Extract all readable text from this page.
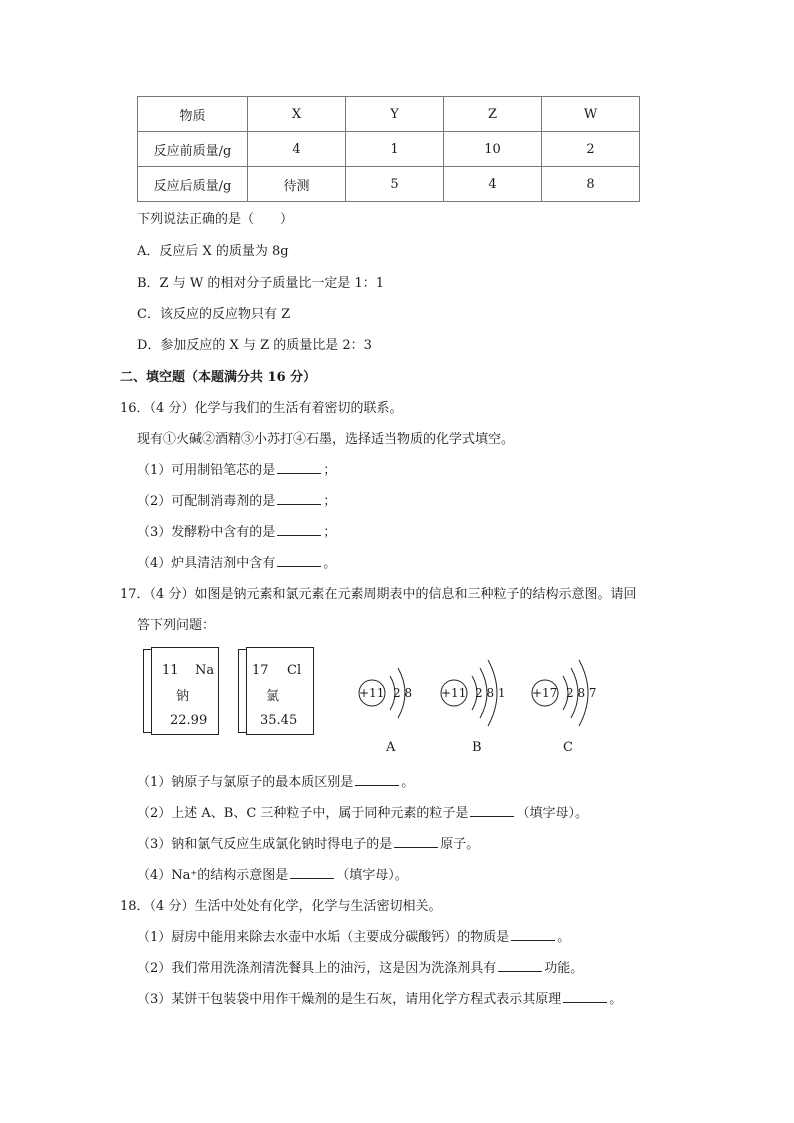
物质	X	Y	Z	W
反应前质量/g	4	1	10	2
反应后质量/g	待测	5	4	8
下列说法正确的是（　　）
A．反应后 X 的质量为 8g
B．Z 与 W 的相对分子质量比一定是 1：1
C．该反应的反应物只有 Z
D．参加反应的 X 与 Z 的质量比是 2：3
二、填空题（本题满分共 16 分）
16．（4 分）化学与我们的生活有着密切的联系。
现有①火碱②酒精③小苏打④石墨，选择适当物质的化学式填空。
（1）可用制铅笔芯的是	；
（2）可配制消毒剂的是	；
（3）发酵粉中含有的是	；
（4）炉具清洁剂中含有	。
17．（4 分）如图是钠元素和氯元素在元素周期表中的信息和三种粒子的结构示意图。请回
答下列问题：
11 Na
钠
22.99
17 Cl
氯
35.45
+11 2 8 +11 2 8 1 +17 2 8 7
A	B	C
（1）钠原子与氯原子的最本质区别是	。
（2）上述 A、B、C 三种粒子中，属于同种元素的粒子是	（填字母）。
（3）钠和氯气反应生成氯化钠时得电子的是	原子。
（4）Na⁺的结构示意图是	（填字母）。
18．（4 分）生活中处处有化学，化学与生活密切相关。
（1）厨房中能用来除去水壶中水垢（主要成分碳酸钙）的物质是	。
（2）我们常用洗涤剂清洗餐具上的油污，这是因为洗涤剂具有	功能。
（3）某饼干包装袋中用作干燥剂的是生石灰，请用化学方程式表示其原理	。
